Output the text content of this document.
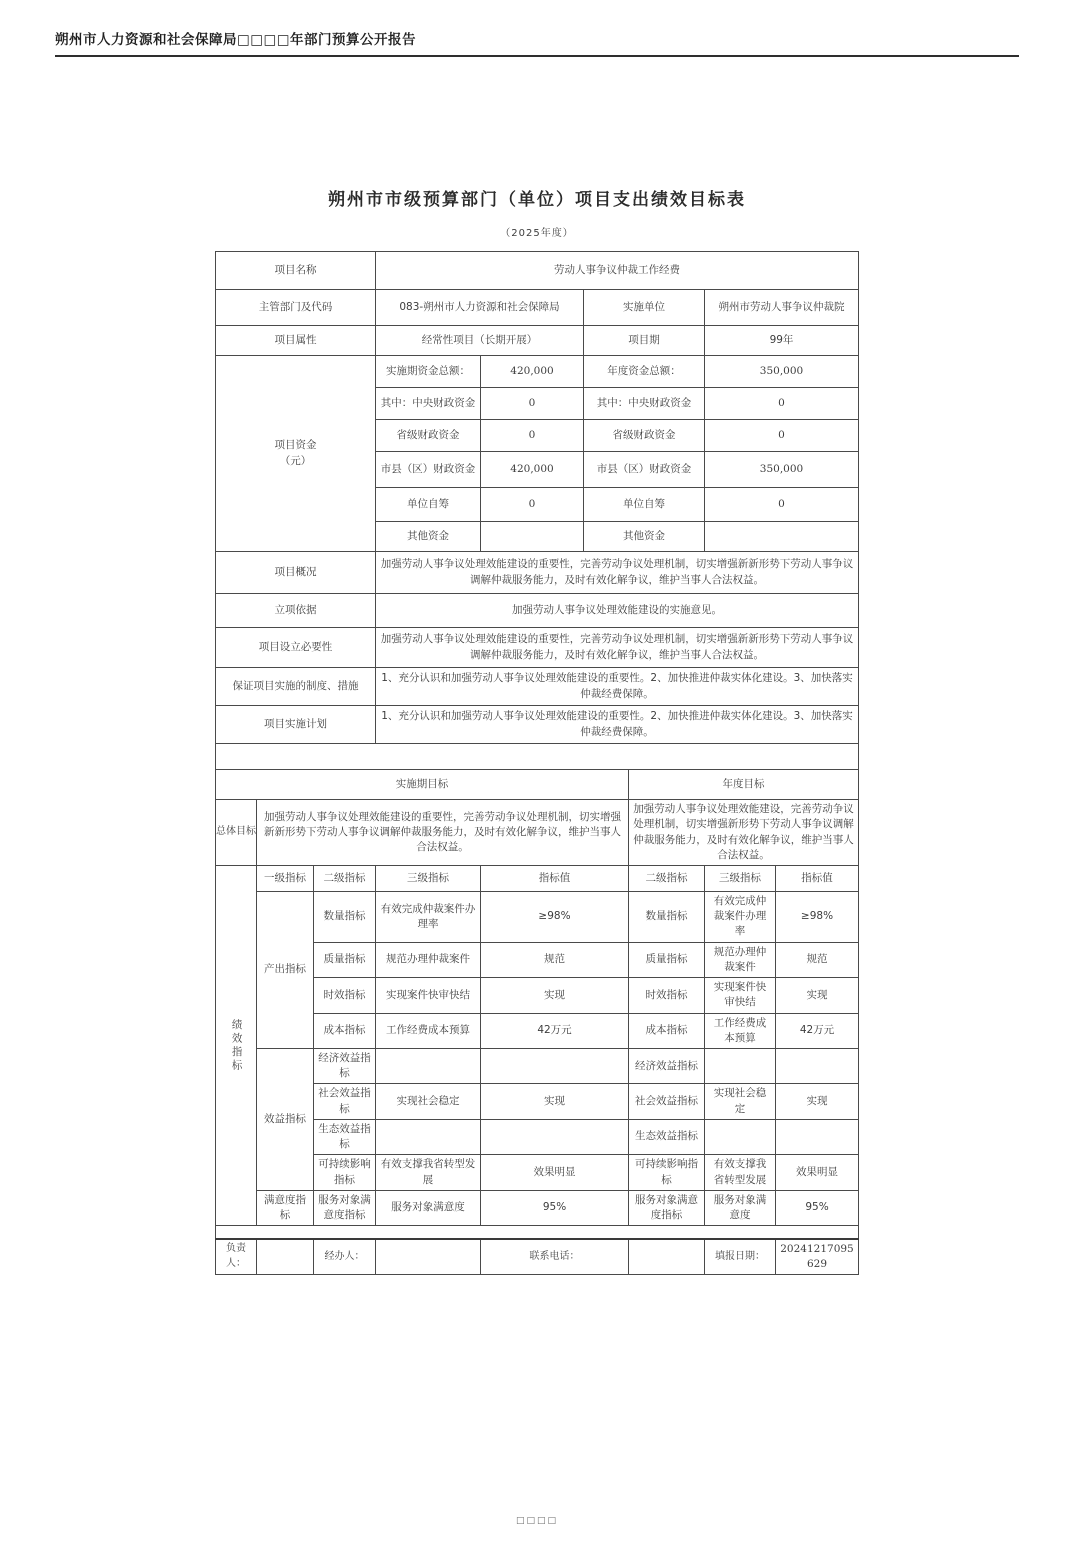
朔州市人力资源和社会保障局□□□□年部门预算公开报告
朔州市市级预算部门（单位）项目支出绩效目标表
（2025年度）
项目名称			劳动人事争议仲裁工作经费					
主管部门及代码			083-朔州市人力资源和社会保障局		实施单位		朔州市劳动人事争议仲裁院	
项目属性			经常性项目（长期开展）		项目期		99年	
项目资金
（元）			实施期资金总额：	420,000	年度资金总额：		350,000	
			其中：中央财政资金	0	其中：中央财政资金		0	
			省级财政资金	0	省级财政资金		0	
			市县（区）财政资金	420,000	市县（区）财政资金		350,000	
			单位自筹	0	单位自筹		0	
			其他资金		其他资金			
项目概况			加强劳动人事争议处理效能建设的重要性，完善劳动争议处理机制，切实增强新新形势下劳动人事争议调解仲裁服务能力，及时有效化解争议，维护当事人合法权益。					
立项依据			加强劳动人事争议处理效能建设的实施意见。					
项目设立必要性			加强劳动人事争议处理效能建设的重要性，完善劳动争议处理机制，切实增强新新形势下劳动人事争议调解仲裁服务能力，及时有效化解争议，维护当事人合法权益。					
保证项目实施的制度、措施			1、充分认识和加强劳动人事争议处理效能建设的重要性。2、加快推进仲裁实体化建设。3、加快落实仲裁经费保障。					
项目实施计划			1、充分认识和加强劳动人事争议处理效能建设的重要性。2、加快推进仲裁实体化建设。3、加快落实仲裁经费保障。					

实施期目标						年度目标		
总体目标	加强劳动人事争议处理效能建设的重要性，完善劳动争议处理机制，切实增强新新形势下劳动人事争议调解仲裁服务能力，及时有效化解争议，维护当事人合法权益。					加强劳动人事争议处理效能建设，完善劳动争议处理机制，切实增强新形势下劳动人事争议调解仲裁服务能力，及时有效化解争议，维护当事人合法权益。		

绩效指标	一级指标	二级指标	三级指标	指标值		二级指标	三级指标	指标值
	产出指标	数量指标	有效完成仲裁案件办理率	≥98%		数量指标	有效完成仲裁案件办理率	≥98%
		质量指标	规范办理仲裁案件	规范		质量指标	规范办理仲裁案件	规范
		时效指标	实现案件快审快结	实现		时效指标	实现案件快审快结	实现
		成本指标	工作经费成本预算	42万元		成本指标	工作经费成本预算	42万元
	效益指标	经济效益指标				经济效益指标		
		社会效益指标	实现社会稳定	实现		社会效益指标	实现社会稳定	实现
		生态效益指标				生态效益指标		
		可持续影响指标	有效支撑我省转型发展	效果明显		可持续影响指标	有效支撑我省转型发展	效果明显
	满意度指标	服务对象满意度指标	服务对象满意度	95%		服务对象满意度指标	服务对象满意度	95%

负责人：		经办人：		联系电话：			填报日期：	20241217095629
□□□□
